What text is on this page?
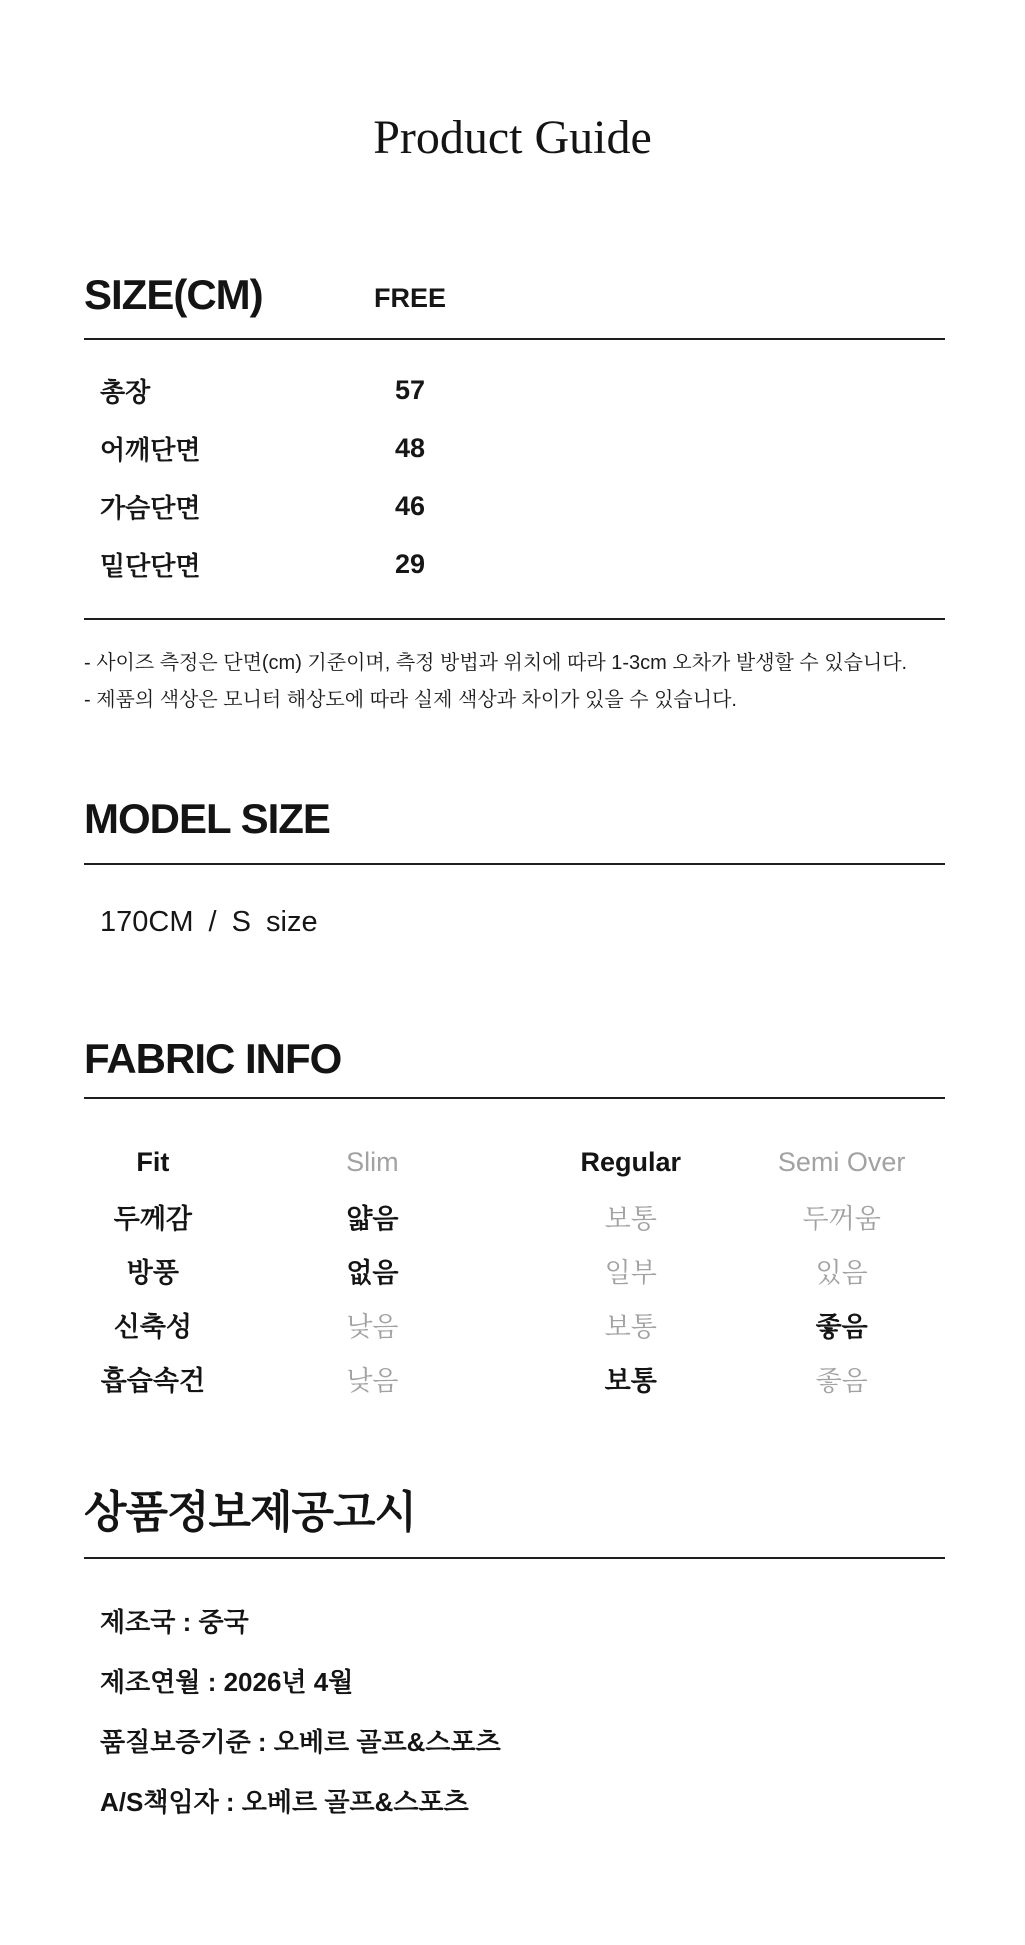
Product Guide
SIZE(CM)	FREE
총장	57
어깨단면	48
가슴단면	46
밑단단면	29

- 사이즈 측정은 단면(cm) 기준이며, 측정 방법과 위치에 따라 1-3cm 오차가 발생할 수 있습니다.

- 제품의 색상은 모니터 해상도에 따라 실제 색상과 차이가 있을 수 있습니다.

MODEL SIZE
170CM / S size
FABRIC INFO
Fit	Slim	Regular	Semi Over
두께감	얇음	보통	두꺼움
방풍	없음	일부	있음
신축성	낮음	보통	좋음
흡습속건	낮음	보통	좋음
상품정보제공고시
제조국 : 중국
제조연월 : 2026년 4월
품질보증기준 : 오베르 골프&스포츠
A/S책임자 : 오베르 골프&스포츠
